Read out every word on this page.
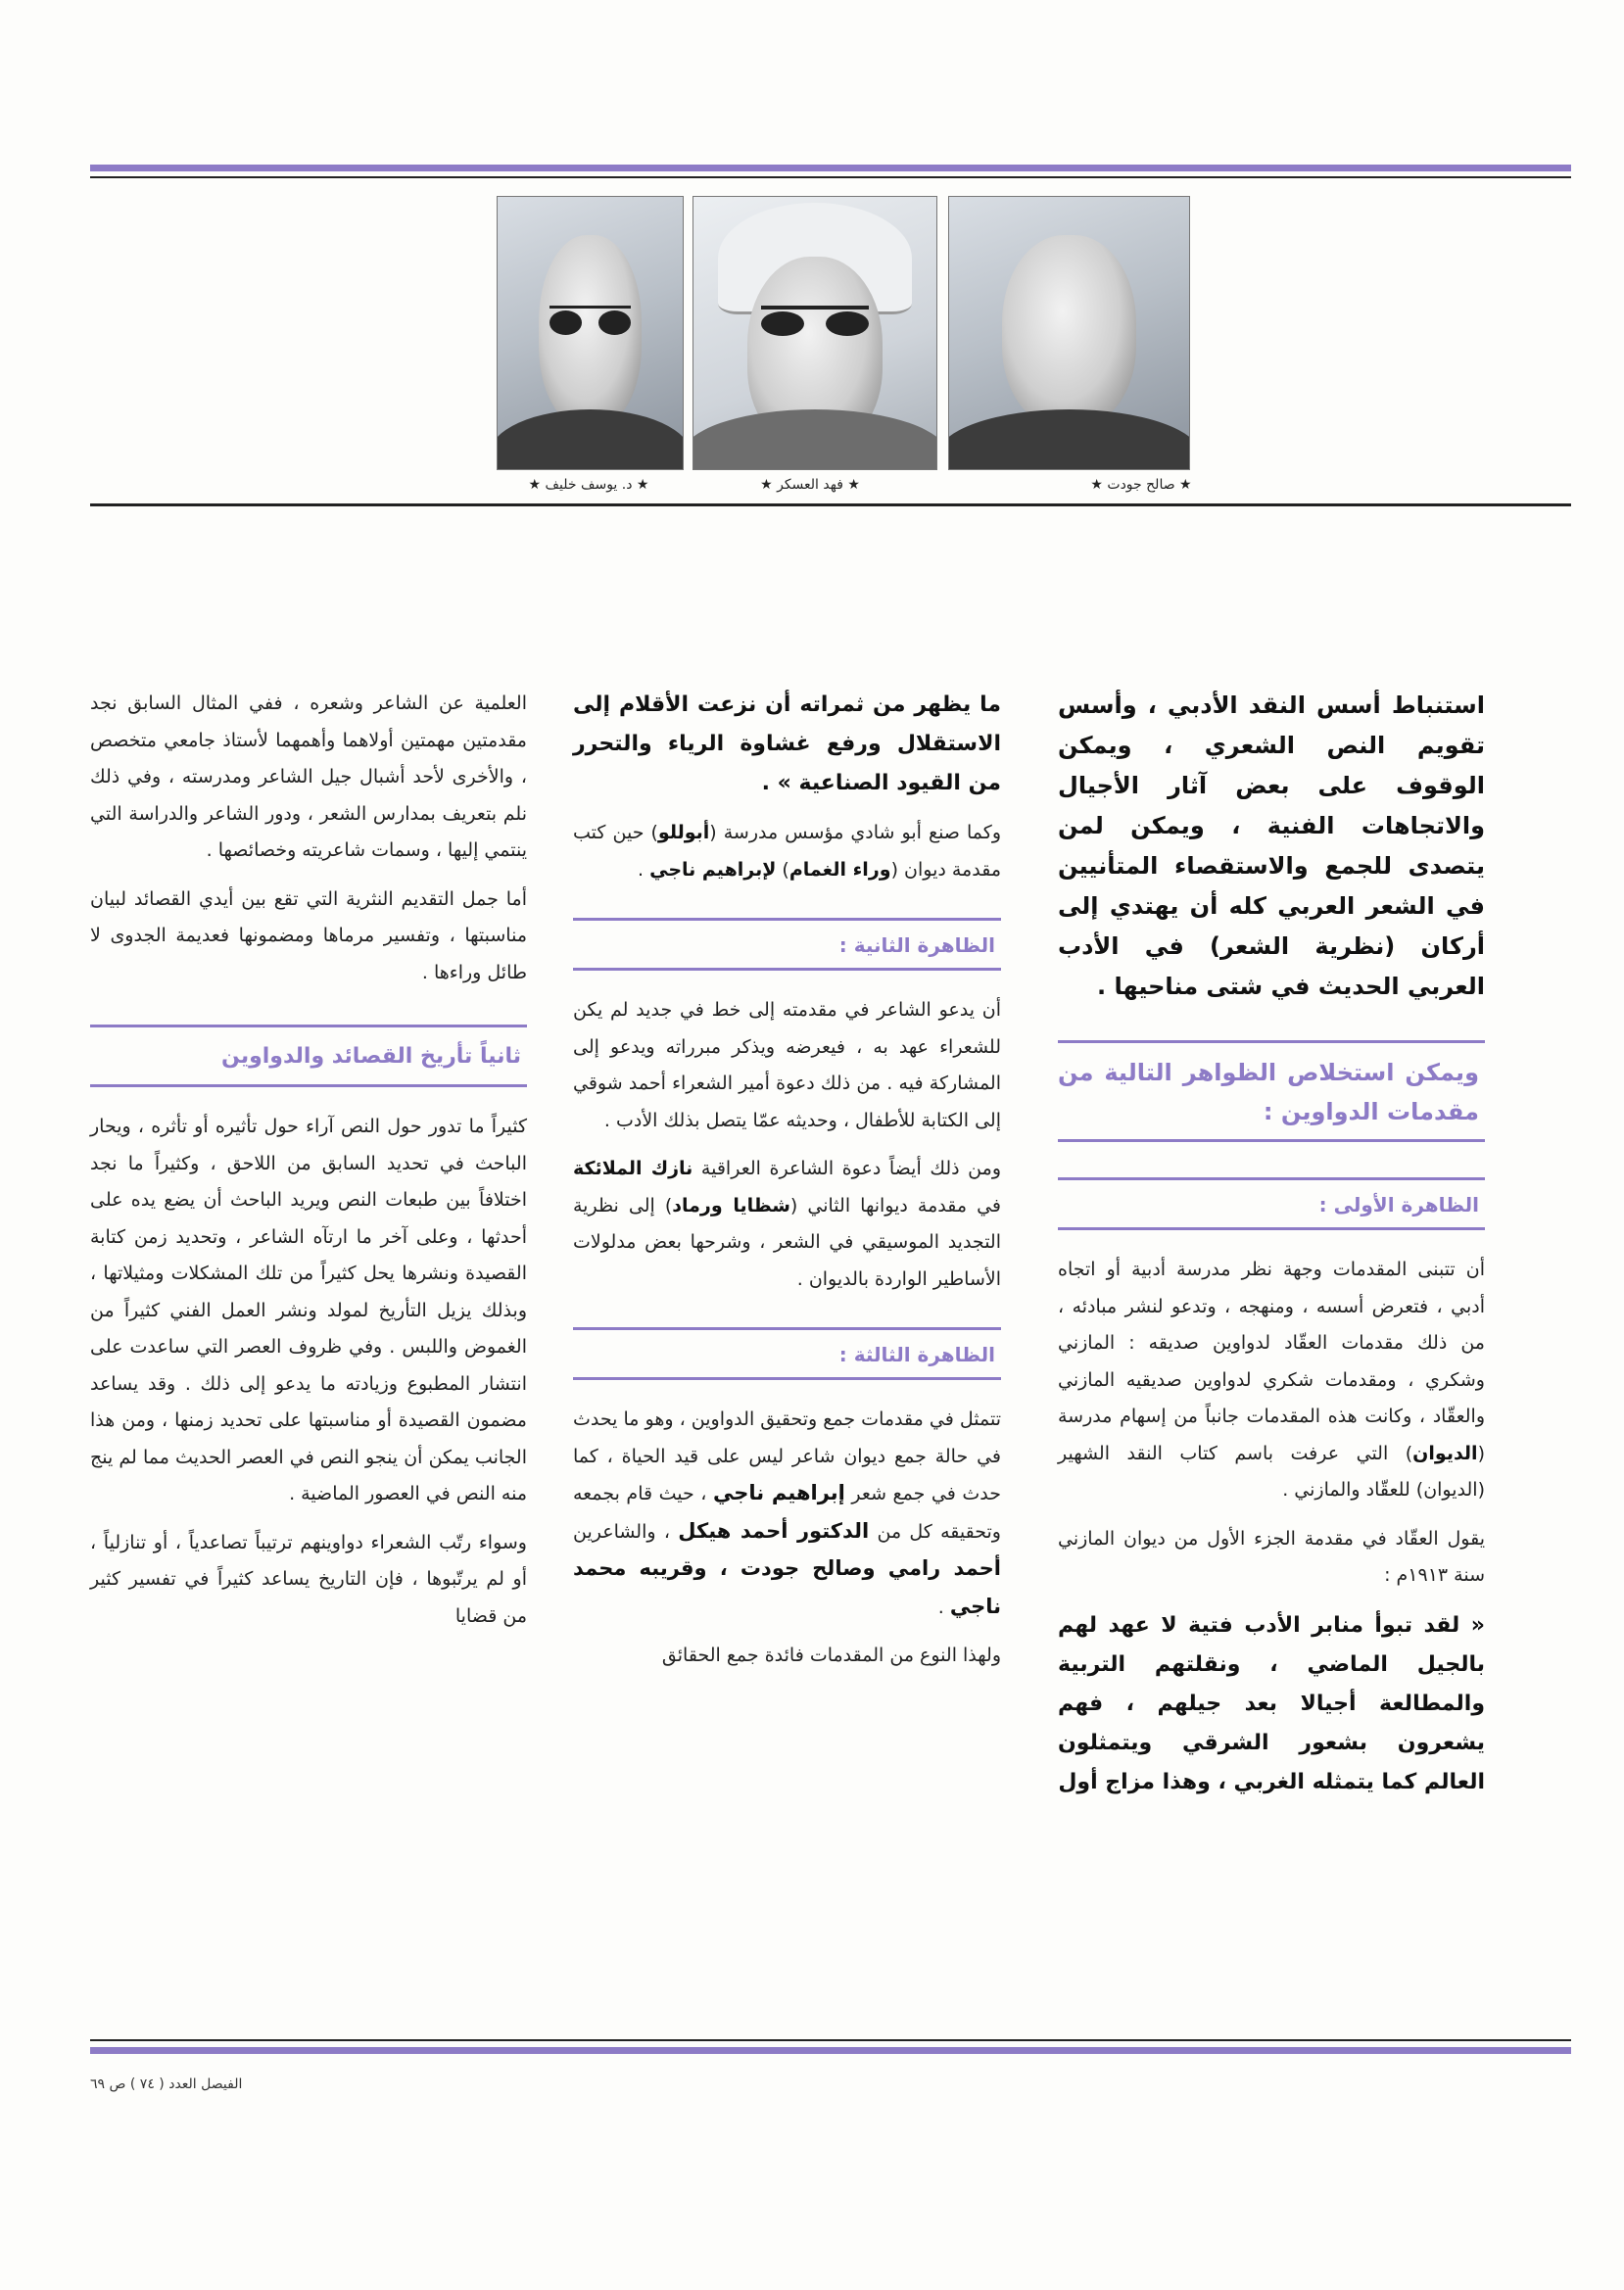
★ صالح جودت ★
★ فهد العسكر ★
★ د. يوسف خليف ★

استنباط أسس النقد الأدبي ، وأسس تقويم النص الشعري ، ويمكن الوقوف على بعض آثار الأجيال والاتجاهات الفنية ، ويمكن لمن يتصدى للجمع والاستقصاء المتأنيين في الشعر العربي كله أن يهتدي إلى أركان (نظرية الشعر) في الأدب العربي الحديث في شتى مناحيها .

ويمكن استخلاص الظواهر التالية من مقدمات الدواوين :
الظاهرة الأولى :

أن تتبنى المقدمات وجهة نظر مدرسة أدبية أو اتجاه أدبي ، فتعرض أسسه ، ومنهجه ، وتدعو لنشر مبادئه ، من ذلك مقدمات العقّاد لدواوين صديقه : المازني وشكري ، ومقدمات شكري لدواوين صديقيه المازني والعقّاد ، وكانت هذه المقدمات جانباً من إسهام مدرسة (الديوان) التي عرفت باسم كتاب النقد الشهير (الديوان) للعقّاد والمازني .

يقول العقّاد في مقدمة الجزء الأول من ديوان المازني سنة ١٩١٣م :

« لقد تبوأ منابر الأدب فتية لا عهد لهم بالجيل الماضي ، ونقلتهم التربية والمطالعة أجيالا بعد جيلهم ، فهم يشعرون بشعور الشرقي ويتمثلون العالم كما يتمثله الغربي ، وهذا مزاج أول

ما يظهر من ثمراته أن نزعت الأقلام إلى الاستقلال ورفع غشاوة الرياء والتحرر من القيود الصناعية » .

وكما صنع أبو شادي مؤسس مدرسة (أبوللو) حين كتب مقدمة ديوان (وراء الغمام) لإبراهيم ناجي .

الظاهرة الثانية :

أن يدعو الشاعر في مقدمته إلى خط في جديد لم يكن للشعراء عهد به ، فيعرضه ويذكر مبرراته ويدعو إلى المشاركة فيه . من ذلك دعوة أمير الشعراء أحمد شوقي إلى الكتابة للأطفال ، وحديثه عمّا يتصل بذلك الأدب .

ومن ذلك أيضاً دعوة الشاعرة العراقية نازك الملائكة في مقدمة ديوانها الثاني (شظايا ورماد) إلى نظرية التجديد الموسيقي في الشعر ، وشرحها بعض مدلولات الأساطير الواردة بالديوان .

الظاهرة الثالثة :

تتمثل في مقدمات جمع وتحقيق الدواوين ، وهو ما يحدث في حالة جمع ديوان شاعر ليس على قيد الحياة ، كما حدث في جمع شعر إبراهيم ناجي ، حيث قام بجمعه وتحقيقه كل من الدكتور أحمد هيكل ، والشاعرين أحمد رامي وصالح جودت ، وقريبه محمد ناجي .

ولهذا النوع من المقدمات فائدة جمع الحقائق

العلمية عن الشاعر وشعره ، ففي المثال السابق نجد مقدمتين مهمتين أولاهما وأهمهما لأستاذ جامعي متخصص ، والأخرى لأحد أشبال جيل الشاعر ومدرسته ، وفي ذلك نلم بتعريف بمدارس الشعر ، ودور الشاعر والدراسة التي ينتمي إليها ، وسمات شاعريته وخصائصها .

أما جمل التقديم النثرية التي تقع بين أيدي القصائد لبيان مناسبتها ، وتفسير مرماها ومضمونها فعديمة الجدوى لا طائل وراءها .

ثانياً تأريخ القصائد والدواوين

كثيراً ما تدور حول النص آراء حول تأثيره أو تأثره ، ويحار الباحث في تحديد السابق من اللاحق ، وكثيراً ما نجد اختلافاً بين طبعات النص ويريد الباحث أن يضع يده على أحدثها ، وعلى آخر ما ارتآه الشاعر ، وتحديد زمن كتابة القصيدة ونشرها يحل كثيراً من تلك المشكلات ومثيلاتها ، وبذلك يزيل التأريخ لمولد ونشر العمل الفني كثيراً من الغموض واللبس . وفي ظروف العصر التي ساعدت على انتشار المطبوع وزيادته ما يدعو إلى ذلك . وقد يساعد مضمون القصيدة أو مناسبتها على تحديد زمنها ، ومن هذا الجانب يمكن أن ينجو النص في العصر الحديث مما لم ينج منه النص في العصور الماضية .

وسواء رتّب الشعراء دواوينهم ترتيباً تصاعدياً ، أو تنازلياً ، أو لم يرتّبوها ، فإن التاريخ يساعد كثيراً في تفسير كثير من قضايا

الفيصل العدد ( ٧٤ ) ص ٦٩
